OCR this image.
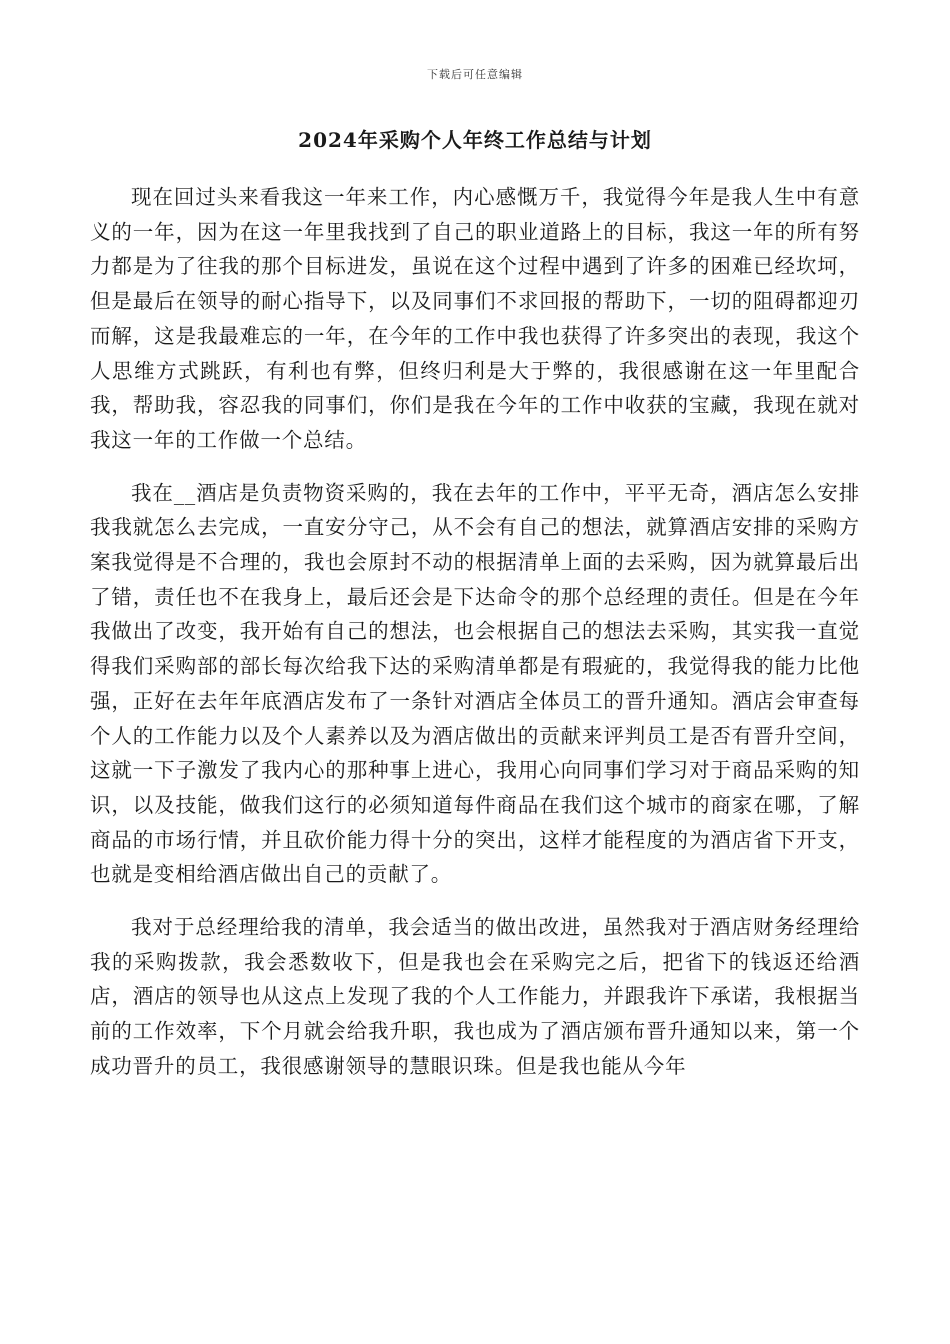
下载后可任意编辑
2024年采购个人年终工作总结与计划

现在回过头来看我这一年来工作，内心感慨万千，我觉得今年是我人生中有意义的一年，因为在这一年里我找到了自己的职业道路上的目标，我这一年的所有努力都是为了往我的那个目标进发，虽说在这个过程中遇到了许多的困难已经坎坷，但是最后在领导的耐心指导下，以及同事们不求回报的帮助下，一切的阻碍都迎刃而解，这是我最难忘的一年，在今年的工作中我也获得了许多突出的表现，我这个人思维方式跳跃，有利也有弊，但终归利是大于弊的，我很感谢在这一年里配合我，帮助我，容忍我的同事们，你们是我在今年的工作中收获的宝藏，我现在就对我这一年的工作做一个总结。

我在__酒店是负责物资采购的，我在去年的工作中，平平无奇，酒店怎么安排我我就怎么去完成，一直安分守己，从不会有自己的想法，就算酒店安排的采购方案我觉得是不合理的，我也会原封不动的根据清单上面的去采购，因为就算最后出了错，责任也不在我身上，最后还会是下达命令的那个总经理的责任。但是在今年我做出了改变，我开始有自己的想法，也会根据自己的想法去采购，其实我一直觉得我们采购部的部长每次给我下达的采购清单都是有瑕疵的，我觉得我的能力比他强，正好在去年年底酒店发布了一条针对酒店全体员工的晋升通知。酒店会审查每个人的工作能力以及个人素养以及为酒店做出的贡献来评判员工是否有晋升空间，这就一下子激发了我内心的那种事上进心，我用心向同事们学习对于商品采购的知识，以及技能，做我们这行的必须知道每件商品在我们这个城市的商家在哪，了解商品的市场行情，并且砍价能力得十分的突出，这样才能程度的为酒店省下开支，也就是变相给酒店做出自己的贡献了。

我对于总经理给我的清单，我会适当的做出改进，虽然我对于酒店财务经理给我的采购拨款，我会悉数收下，但是我也会在采购完之后，把省下的钱返还给酒店，酒店的领导也从这点上发现了我的个人工作能力，并跟我许下承诺，我根据当前的工作效率，下个月就会给我升职，我也成为了酒店颁布晋升通知以来，第一个成功晋升的员工，我很感谢领导的慧眼识珠。但是我也能从今年
